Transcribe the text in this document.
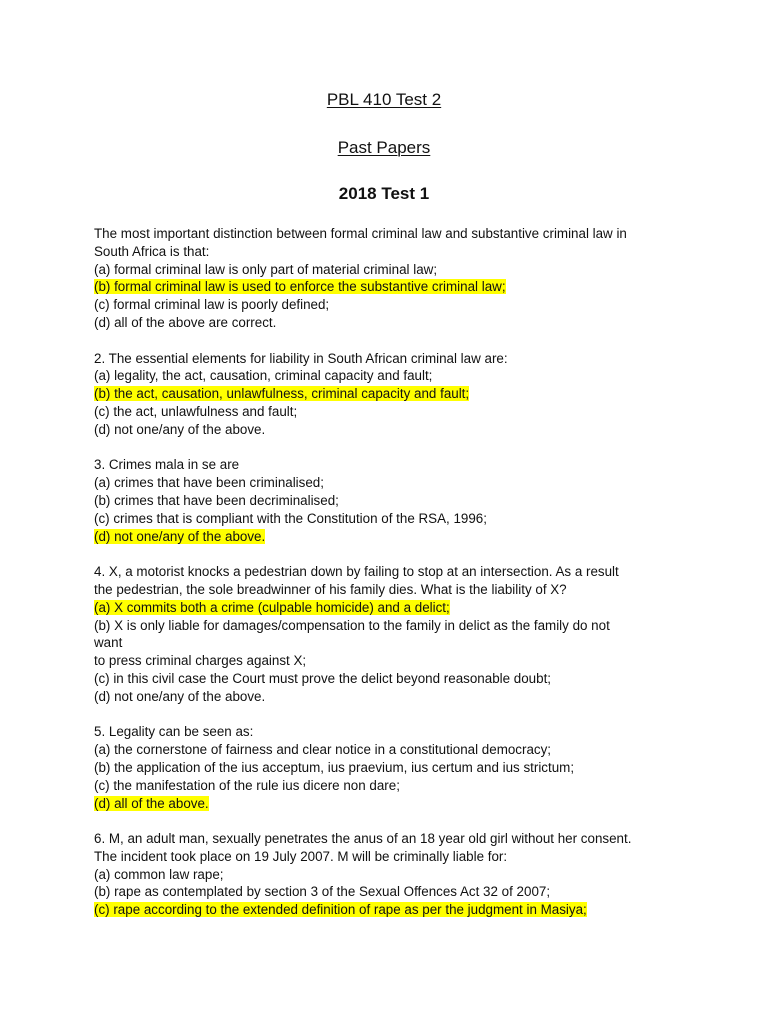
PBL 410 Test 2
Past Papers
2018 Test 1
The most important distinction between formal criminal law and substantive criminal law in
South Africa is that:
(a) formal criminal law is only part of material criminal law;
(b) formal criminal law is used to enforce the substantive criminal law;
(c) formal criminal law is poorly defined;
(d) all of the above are correct.
2. The essential elements for liability in South African criminal law are:
(a) legality, the act, causation, criminal capacity and fault;
(b) the act, causation, unlawfulness, criminal capacity and fault;
(c) the act, unlawfulness and fault;
(d) not one/any of the above.
3. Crimes mala in se are
(a) crimes that have been criminalised;
(b) crimes that have been decriminalised;
(c) crimes that is compliant with the Constitution of the RSA, 1996;
(d) not one/any of the above.
4. X, a motorist knocks a pedestrian down by failing to stop at an intersection. As a result
the pedestrian, the sole breadwinner of his family dies. What is the liability of X?
(a) X commits both a crime (culpable homicide) and a delict;
(b) X is only liable for damages/compensation to the family in delict as the family do not
want
to press criminal charges against X;
(c) in this civil case the Court must prove the delict beyond reasonable doubt;
(d) not one/any of the above.
5. Legality can be seen as:
(a) the cornerstone of fairness and clear notice in a constitutional democracy;
(b) the application of the ius acceptum, ius praevium, ius certum and ius strictum;
(c) the manifestation of the rule ius dicere non dare;
(d) all of the above.
6. M, an adult man, sexually penetrates the anus of an 18 year old girl without her consent.
The incident took place on 19 July 2007. M will be criminally liable for:
(a) common law rape;
(b) rape as contemplated by section 3 of the Sexual Offences Act 32 of 2007;
(c) rape according to the extended definition of rape as per the judgment in Masiya;
